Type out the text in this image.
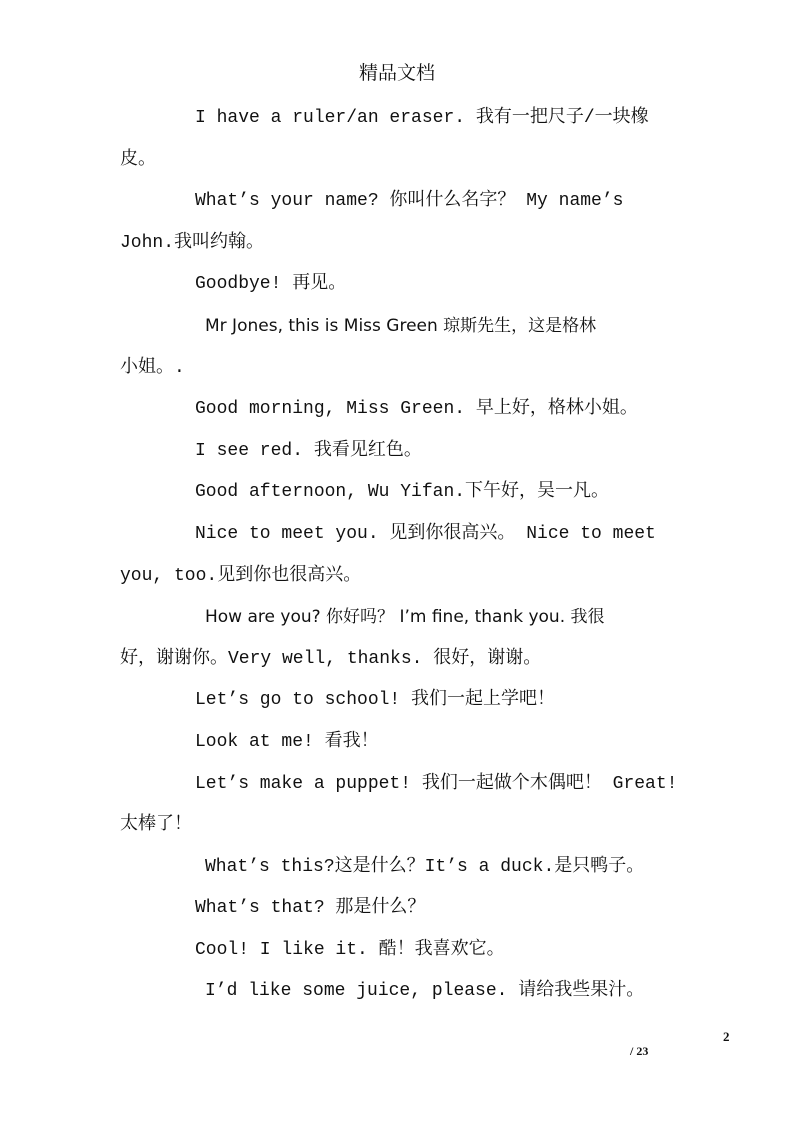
精品文档
I have a ruler/an eraser. 我有一把尺子/一块橡
皮。
What’s your name? 你叫什么名字？ My name’s
John.我叫约翰。
Goodbye! 再见。
Mr Jones, this is Miss Green 琼斯先生，这是格林
小姐。.
Good morning, Miss Green. 早上好，格林小姐。
I see red. 我看见红色。
Good afternoon, Wu Yifan.下午好，吴一凡。
Nice to meet you. 见到你很高兴。 Nice to meet
you, too.见到你也很高兴。
How are you? 你好吗？ I’m fine, thank you. 我很
好，谢谢你。Very well, thanks. 很好，谢谢。
Let’s go to school! 我们一起上学吧！
Look at me! 看我！
Let’s make a puppet! 我们一起做个木偶吧！ Great!
太棒了！
What’s this?这是什么？It’s a duck.是只鸭子。
What’s that? 那是什么？
Cool! I like it. 酷！我喜欢它。
I’d like some juice, please. 请给我些果汁。
2
/ 23
